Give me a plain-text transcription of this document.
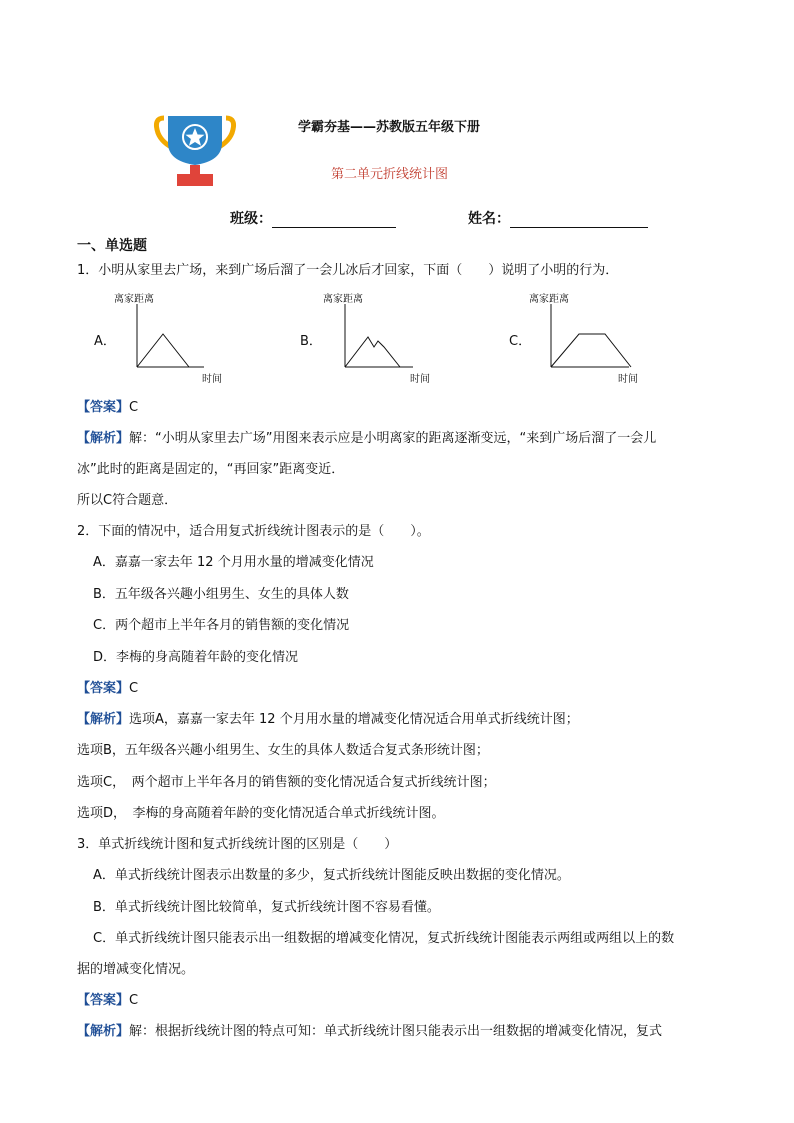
学霸夯基——苏教版五年级下册
第二单元折线统计图
班级：	姓名：
一、单选题
1．小明从家里去广场，来到广场后溜了一会儿冰后才回家，下面（　　）说明了小明的行为．
A．
离家距离
时间
B．
离家距离
时间
C．
离家距离
时间
【答案】C
【解析】解：“小明从家里去广场”用图来表示应是小明离家的距离逐渐变远，“来到广场后溜了一会儿
冰”此时的距离是固定的，“再回家”距离变近．
所以C符合题意．
2．下面的情况中，适合用复式折线统计图表示的是（　　）。
A．嘉嘉一家去年 12 个月用水量的增减变化情况
B．五年级各兴趣小组男生、女生的具体人数
C．两个超市上半年各月的销售额的变化情况
D．李梅的身高随着年龄的变化情况
【答案】C
【解析】选项A，嘉嘉一家去年 12 个月用水量的增减变化情况适合用单式折线统计图；
选项B，五年级各兴趣小组男生、女生的具体人数适合复式条形统计图；
选项C，　两个超市上半年各月的销售额的变化情况适合复式折线统计图；
选项D，　李梅的身高随着年龄的变化情况适合单式折线统计图。
3．单式折线统计图和复式折线统计图的区别是（　　）
A．单式折线统计图表示出数量的多少，复式折线统计图能反映出数据的变化情况。
B．单式折线统计图比较简单，复式折线统计图不容易看懂。
C．单式折线统计图只能表示出一组数据的增减变化情况，复式折线统计图能表示两组或两组以上的数
据的增减变化情况。
【答案】C
【解析】解：根据折线统计图的特点可知：单式折线统计图只能表示出一组数据的增减变化情况，复式
